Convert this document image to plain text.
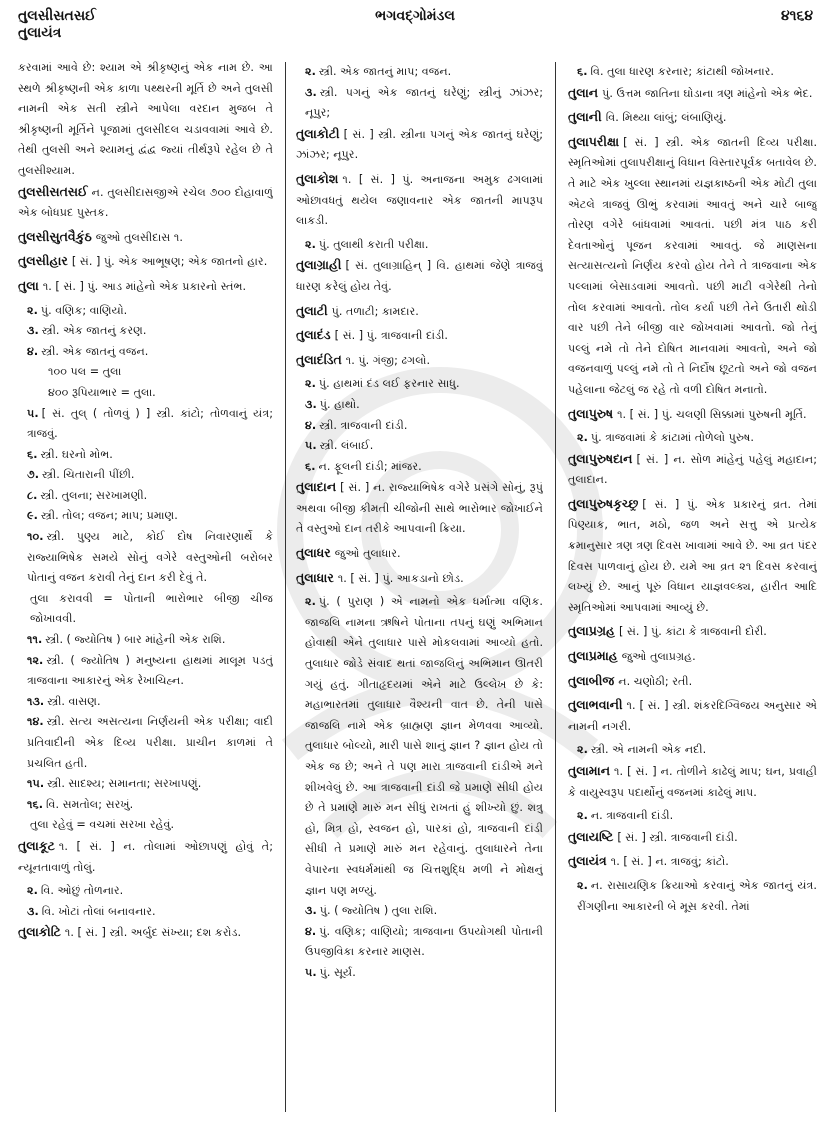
તુલસીસતસઈ
તુલાયંત્ર
ભગવદ્ગોમંડલ	૪૧૬૪

કરવામાં આવે છે: શ્યામ એ શ્રીકૃષ્ણનું એક નામ છે. આ સ્થળે શ્રીકૃષ્ણની એક કાળા પથ્થરની મૂર્તિ છે અને તુલસી નામની એક સતી સ્ત્રીને આપેલા વરદાન મુજબ તે શ્રીકૃષ્ણની મૂર્તિને પૂજામાં તુલસીદલ ચડાવવામાં આવે છે. તેથી તુલસી અને શ્યામનું દ્વંદ્વ જ્યાં તીર્થરૂપે રહેલ છે તે તુલસીશ્યામ.

તુલસીસતસઈ ન. તુલસીદાસજીએ રચેલ ૭૦૦ દોહાવાળું એક બોધપ્રદ પુસ્તક.
તુલસીસુતવૈકુંઠ જુઓ તુલસીદાસ ૧.
તુલસીહાર [ સં. ] પું. એક આભૂષણ; એક જાતનો હાર.
તુલા ૧. [ સં. ] પું. આડ માંહેનો એક પ્રકારનો સ્તંભ.
૨. પું. વણિક; વાણિયો.
૩. સ્ત્રી. એક જાતનું કરણ.
૪. સ્ત્રી. એક જાતનું વજન.
૧૦૦ પલ = તુલા
૪૦૦ રૂપિયાભાર = તુલા.
૫. [ સં. તુલ્ ( તોળવું ) ] સ્ત્રી. કાંટો; તોળવાનું યંત્ર; ત્રાજવું.
૬. સ્ત્રી. ઘરનો મોભ.
૭. સ્ત્રી. ચિતારાની પીંછી.
૮. સ્ત્રી. તુલના; સરખામણી.
૯. સ્ત્રી. તોલ; વજન; માપ; પ્રમાણ.
૧૦. સ્ત્રી. પુણ્ય માટે, કોઈ દોષ નિવારણાર્થે કે રાજ્યાભિષેક સમયે સોનું વગેરે વસ્તુઓની બરોબર પોતાનું વજન કરાવી તેનું દાન કરી દેવું તે.
તુલા કરાવવી = પોતાની ભારોભાર બીજી ચીજ જોખાવવી.
૧૧. સ્ત્રી. ( જ્યોતિષ ) બાર માંહેની એક રાશિ.
૧૨. સ્ત્રી. ( જ્યોતિષ ) મનુષ્યના હાથમાં માલૂમ પડતું ત્રાજવાના આકારનું એક રેખાચિહ્ન.
૧૩. સ્ત્રી. વાસણ.
૧૪. સ્ત્રી. સત્ય અસત્યના નિર્ણયની એક પરીક્ષા; વાદી પ્રતિવાદીની એક દિવ્ય પરીક્ષા. પ્રાચીન કાળમાં તે પ્રચલિત હતી.
૧૫. સ્ત્રી. સાદશ્ય; સમાનતા; સરખાપણું.
૧૬. વિ. સમતોલ; સરખું.
તુલા રહેવું = વચમાં સરખા રહેવું.
તુલાકૂટ ૧. [ સં. ] ન. તોલામાં ઓછાપણું હોવું તે; ન્યૂનતાવાળું તોલું.
૨. વિ. ઓછું તોળનાર.
૩. વિ. ખોટાં તોલાં બનાવનાર.
તુલાકોટિ ૧. [ સં. ] સ્ત્રી. અર્બુદ સંખ્યા; દશ કરોડ.
૨. સ્ત્રી. એક જાતનું માપ; વજન.
૩. સ્ત્રી. પગનું એક જાતનું ઘરેણું; સ્ત્રીનું ઝાંઝર; નૂપુર;
તુલાકોટી [ સં. ] સ્ત્રી. સ્ત્રીના પગનું એક જાતનું ઘરેણું; ઝાંઝર; નૂપુર.
તુલાકોશ ૧. [ સં. ] પું. અનાજના અમુક ઢગલામાં ઓછાવધતું થયેલ જણાવનાર એક જાતની માપરૂપ લાકડી.
૨. પું. તુલાથી કરાતી પરીક્ષા.
તુલાગ્રાહી [ સં. તુલાગ્રાહિન્ ] વિ. હાથમાં જેણે ત્રાજવું ધારણ કરેલું હોય તેવું.
તુલાટી પું. તળાટી; કામદાર.
તુલાદંડ [ સં. ] પું. ત્રાજવાની દાંડી.
તુલાદંડિત ૧. પું. ગંજી; ઢગલો.
૨. પું. હાથમાં દંડ લઈ ફરનાર સાધુ.
૩. પું. હાથો.
૪. સ્ત્રી. ત્રાજવાની દાંડી.
૫. સ્ત્રી. લંબાઈ.
૬. ન. ફૂલની દાંડી; માંજર.
તુલાદાન [ સં. ] ન. રાજ્યાભિષેક વગેરે પ્રસંગે સોનું, રૂપું અથવા બીજી કીમતી ચીજોની સાથે ભારોભાર જોખાઈને તે વસ્તુઓ દાન તરીકે આપવાની ક્રિયા.
તુલાધર જુઓ તુલાધાર.
તુલાધાર ૧. [ સં. ] પું. આકડાનો છોડ.
૨. પું. ( પુરાણ ) એ નામનો એક ધર્માત્મા વણિક. જાજલિ નામના ઋષિને પોતાના તપનું ઘણું અભિમાન હોવાથી એને તુલાધાર પાસે મોકલવામાં આવ્યો હતો. તુલાધાર જોડે સંવાદ થતાં જાજલિનું અભિમાન ઊતરી ગયું હતું. ગીતાહૃદયમાં એને માટે ઉલ્લેખ છે કે: મહાભારતમાં તુલાધાર વૈશ્યની વાત છે. તેની પાસે જાજલિ નામે એક બ્રાહ્મણ જ્ઞાન મેળવવા આવ્યો. તુલાધાર બોલ્યો, મારી પાસે શાનું જ્ઞાન ? જ્ઞાન હોય તો એક જ છે; અને તે પણ મારા ત્રાજવાની દાંડીએ મને શીખવેલું છે. આ ત્રાજવાની દાંડી જે પ્રમાણે સીધી હોય છે તે પ્રમાણે મારું મન સીધું રાખતાં હું શીખ્યો છું. શત્રુ હો, મિત્ર હો, સ્વજન હો, પારકાં હો, ત્રાજવાની દાંડી સીધી તે પ્રમાણે મારું મન રહેવાનું. તુલાધારને તેના વેપારના સ્વધર્મમાંથી જ ચિત્તશુદ્ધિ મળી ને મોક્ષનું જ્ઞાન પણ મળ્યું.
૩. પું. ( જ્યોતિષ ) તુલા રાશિ.
૪. પું. વણિક; વાણિયો; ત્રાજવાના ઉપયોગથી પોતાની ઉપજીવિકા કરનાર માણસ.
૫. પું. સૂર્ય.
૬. વિ. તુલા ધારણ કરનાર; કાંટાથી જોખનાર.
તુલાન પું. ઉત્તમ જાતિના ઘોડાના ત્રણ માંહેનો એક ભેદ.
તુલાની વિ. મિથ્યા લાંબું; લંબાણિયું.
તુલાપરીક્ષા [ સં. ] સ્ત્રી. એક જાતની દિવ્ય પરીક્ષા. સ્મૃતિઓમાં તુલાપરીક્ષાનું વિધાન વિસ્તારપૂર્વક બતાવેલ છે. તે માટે એક ખુલ્લા સ્થાનમાં યજ્ઞકાષ્ઠની એક મોટી તુલા એટલે ત્રાજવું ઊભું કરવામાં આવતું અને ચારે બાજુ તોરણ વગેરે બાંધવામાં આવતાં. પછી મંત્ર પાઠ કરી દેવતાઓનું પૂજન કરવામાં આવતું. જે માણસના સત્યાસત્યનો નિર્ણય કરવો હોય તેને તે ત્રાજવાના એક પલ્લામાં બેસાડવામાં આવતો. પછી માટી વગેરેથી તેનો તોલ કરવામાં આવતો. તોલ કર્યા પછી તેને ઉતારી થોડી વાર પછી તેને બીજી વાર જોખવામાં આવતો. જો તેનું પલ્લું નમે તો તેને દોષિત માનવામાં આવતો, અને જો વજનવાળું પલ્લું નમે તો તે નિર્દોષ છૂટતો અને જો વજન પહેલાના જેટલું જ રહે તો વળી દોષિત મનાતો.
તુલાપુરુષ ૧. [ સં. ] પું. ચલણી સિક્કામાં પુરુષની મૂર્તિ.
૨. પું. ત્રાજવામાં કે કાંટામાં તોળેલો પુરુષ.
તુલાપુરુષદાન [ સં. ] ન. સોળ માંહેનું પહેલું મહાદાન; તુલાદાન.
તુલાપુરુષકૃચ્છ્ર [ સં. ] પું. એક પ્રકારનું વ્રત. તેમાં પિણ્યાક, ભાત, મઠો, જળ અને સત્તુ એ પ્રત્યેક ક્રમાનુસાર ત્રણ ત્રણ દિવસ ખાવામાં આવે છે. આ વ્રત પંદર દિવસ પાળવાનું હોય છે. યમે આ વ્રત ૨૧ દિવસ કરવાનું લખ્યું છે. આનું પૂરું વિધાન યાજ્ઞવલ્ક્ય, હારીત આદિ સ્મૃતિઓમાં આપવામાં આવ્યું છે.
તુલાપ્રગ્રહ [ સં. ] પું. કાંટા કે ત્રાજવાની દોરી.
તુલાપ્રમાહ જુઓ તુલાપ્રગ્રહ.
તુલાબીજ ન. ચણોઠી; રતી.
તુલાભવાની ૧. [ સં. ] સ્ત્રી. શંકરદિગ્વિજય અનુસાર એ નામની નગરી.
૨. સ્ત્રી. એ નામની એક નદી.
તુલામાન ૧. [ સં. ] ન. તોળીને કાઢેલું માપ; ઘન, પ્રવાહી કે વાયુસ્વરૂપ પદાર્થોનું વજનમાં કાઢેલું માપ.
૨. ન. ત્રાજવાની દાંડી.
તુલાયષ્ટિ [ સં. ] સ્ત્રી. ત્રાજવાની દાંડી.
તુલાયંત્ર ૧. [ સં. ] ન. ત્રાજવું; કાંટો.
૨. ન. રાસાયણિક ક્રિયાઓ કરવાનું એક જાતનું યંત્ર. રીંગણીના આકારની બે મૂસ કરવી. તેમાં
